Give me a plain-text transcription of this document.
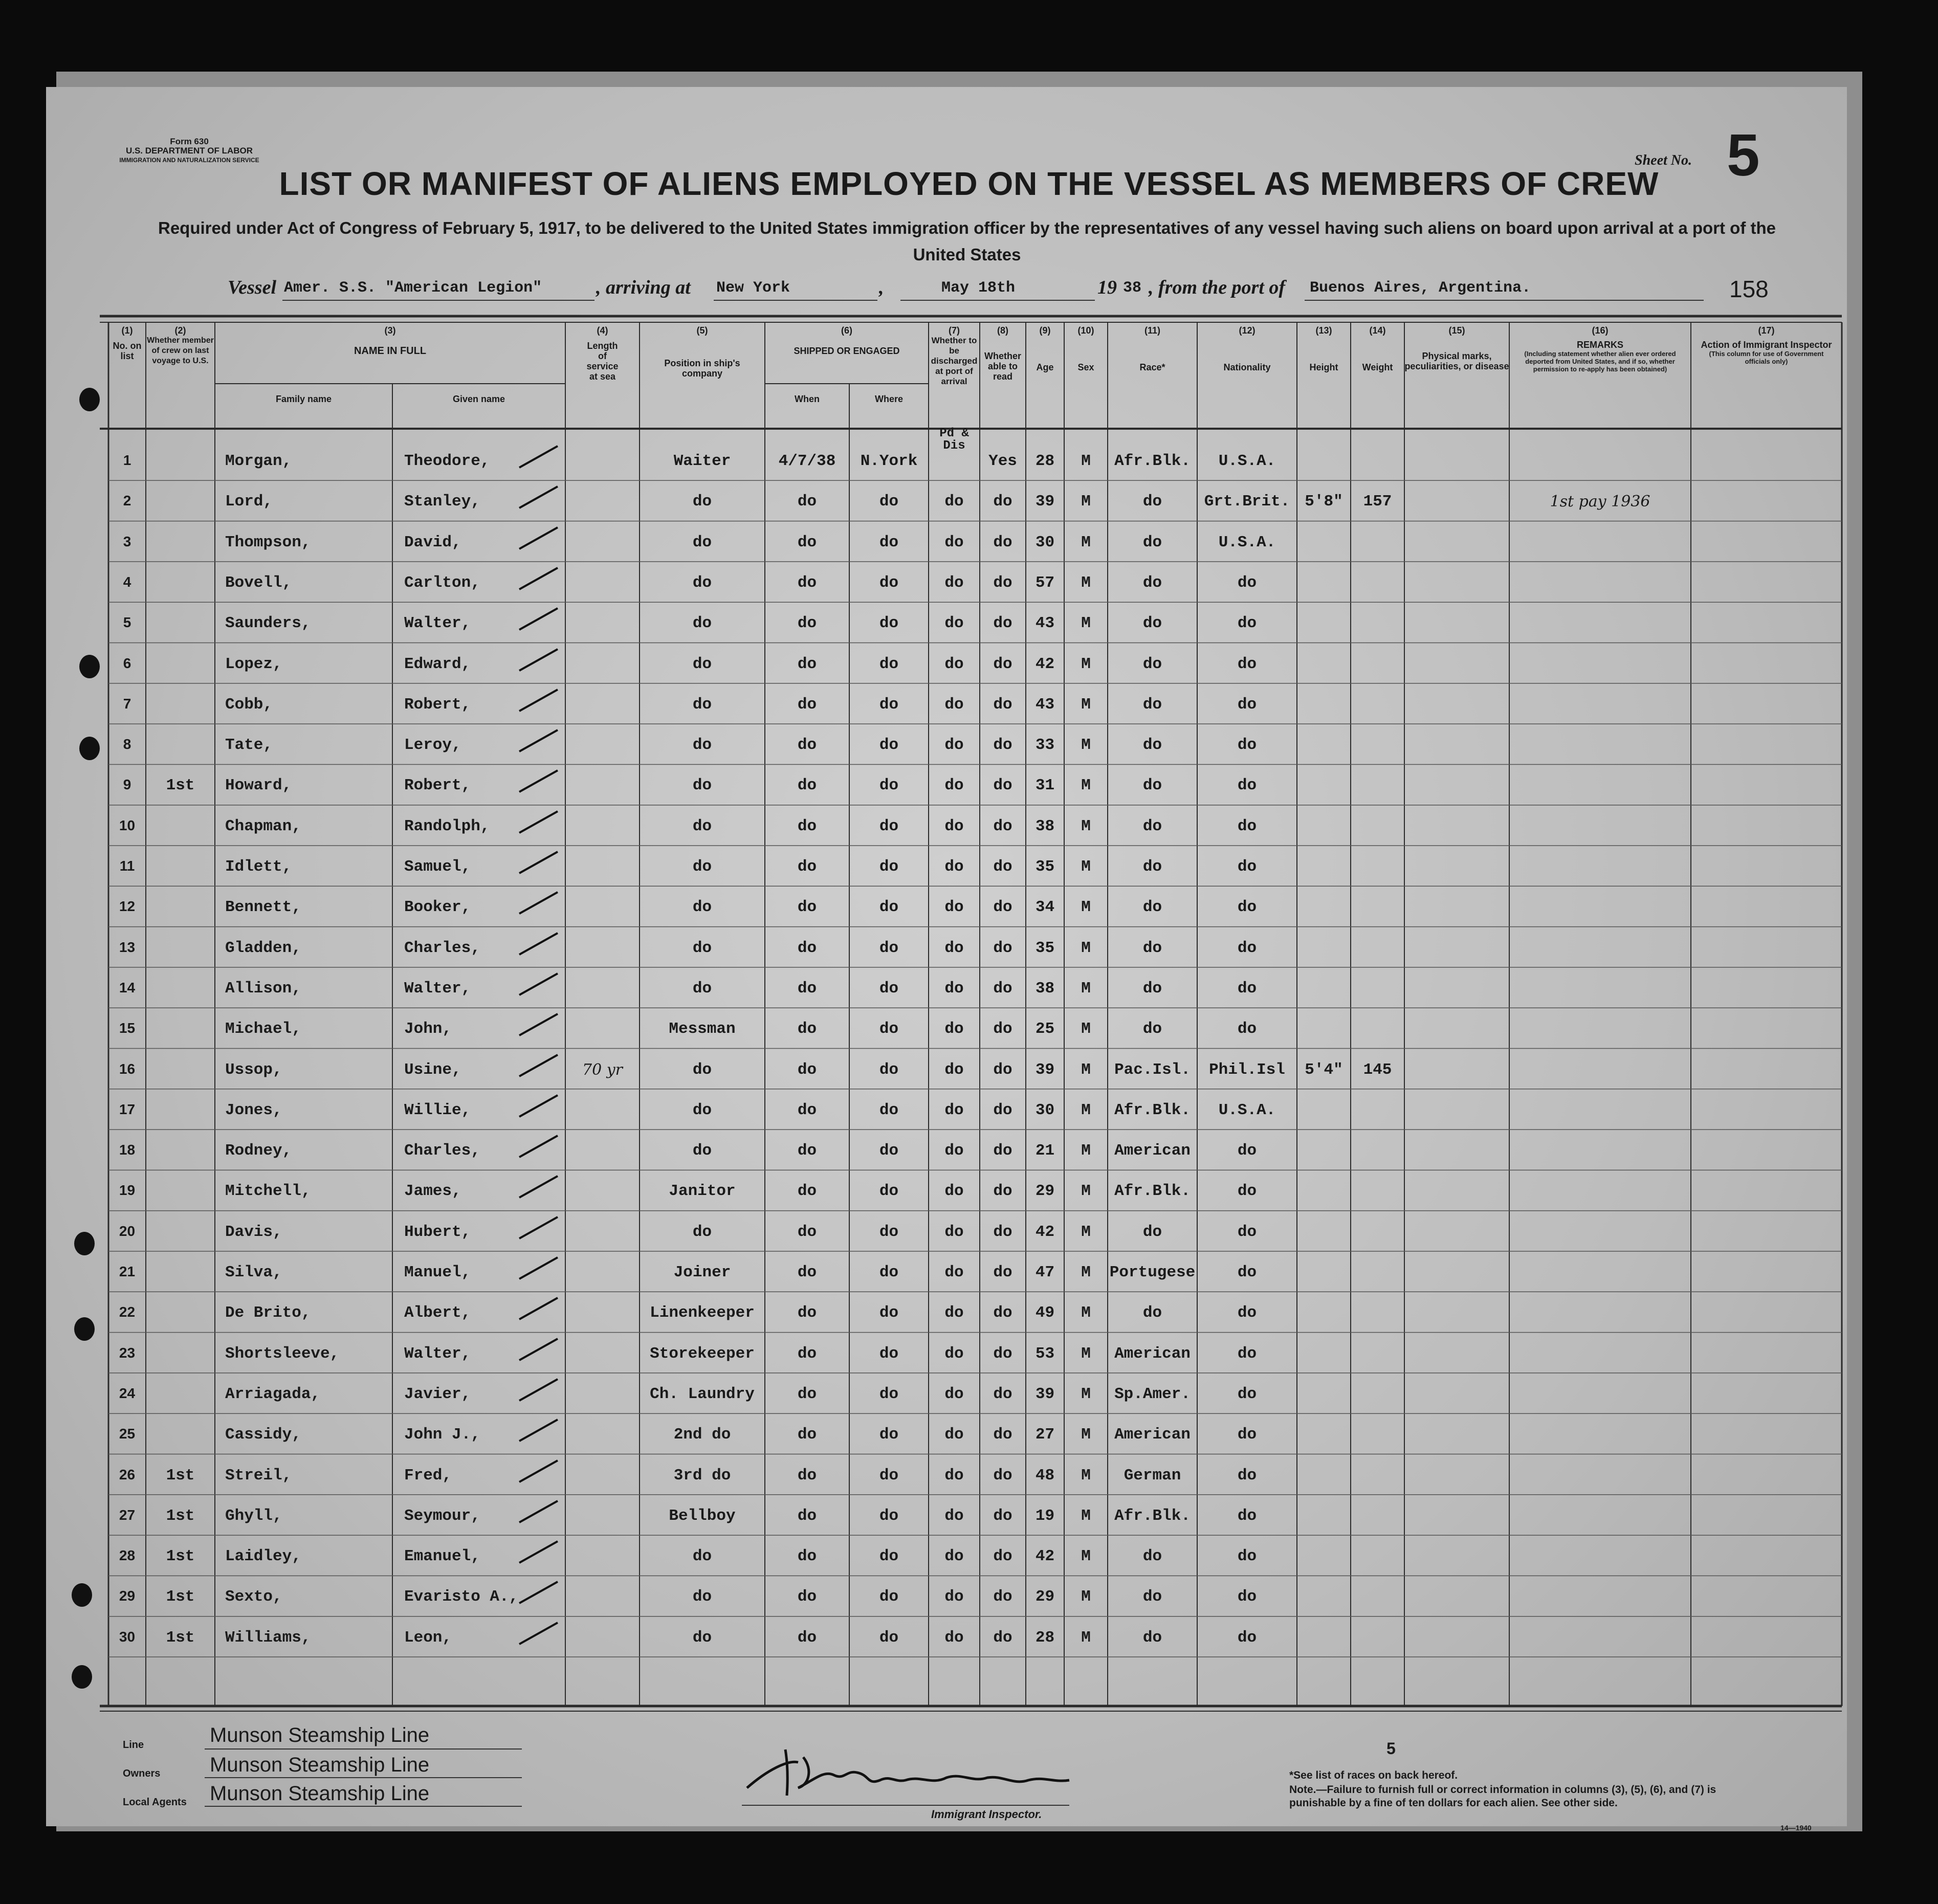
Form 630
U.S. DEPARTMENT OF LABOR
IMMIGRATION AND NATURALIZATION SERVICE	Sheet No. 5
LIST OR MANIFEST OF ALIENS EMPLOYED ON THE VESSEL AS MEMBERS OF CREW
Required under Act of Congress of February 5, 1917, to be delivered to the United States immigration officer by the representatives of any vessel having such aliens on board upon arrival at a port of the United States
Vessel Amer. S.S. "American Legion"	, arriving at New York	,	May 18th	19 38 , from the port of Buenos Aires, Argentina.	158
(1)
No. on list
(2)
Whether member of crew on last voyage to U.S.
(3)
NAME IN FULL
Family name	Given name
(4)
Length of service at sea
(5)
Position in ship's company
(6)
SHIPPED OR ENGAGED
When	Where
(7)
Whether to be discharged at port of arrival
(8)
Whether able to read
(9)
Age
(10)
Sex
(11)
Race*
(12)
Nationality
(13)
Height
(14)
Weight
(15)
Physical marks, peculiarities, or disease
(16)
REMARKS
(Including statement whether alien ever ordered deported from United States, and if so, whether permission to re-apply has been obtained)
(17)
Action of Immigrant Inspector
(This column for use of Government officials only)
1	Morgan,	Theodore,	Waiter	4/7/38	N.York
Pd & Dis
Yes	28	M	Afr.Blk.	U.S.A.
2	Lord,	Stanley,	do	do	do	do	do	39	M	do	Grt.Brit. 5'8"	157	1st pay 1936
3	Thompson,	David,	do	do	do	do	do	30	M	do	U.S.A.
4	Bovell,	Carlton,	do	do	do	do	do	57	M	do	do
5	Saunders,	Walter,	do	do	do	do	do	43	M	do	do
6	Lopez,	Edward,	do	do	do	do	do	42	M	do	do
7	Cobb,	Robert,	do	do	do	do	do	43	M	do	do
8	Tate,	Leroy,	do	do	do	do	do	33	M	do	do
9	1st	Howard,	Robert,	do	do	do	do	do	31	M	do	do
10	Chapman,	Randolph,	do	do	do	do	do	38	M	do	do
11	Idlett,	Samuel,	do	do	do	do	do	35	M	do	do
12	Bennett,	Booker,	do	do	do	do	do	34	M	do	do
13	Gladden,	Charles,	do	do	do	do	do	35	M	do	do
14	Allison,	Walter,	do	do	do	do	do	38	M	do	do
15	Michael,	John,	Messman	do	do	do	do	25	M	do	do
16	Ussop,	Usine,	70 yr	do	do	do	do	do	39	M	Pac.Isl.	Phil.Isl	5'4"	145
17	Jones,	Willie,	do	do	do	do	do	30	M	Afr.Blk.	U.S.A.
18	Rodney,	Charles,	do	do	do	do	do	21	M	American	do
19	Mitchell,	James,	Janitor	do	do	do	do	29	M	Afr.Blk.	do
20	Davis,	Hubert,	do	do	do	do	do	42	M	do	do
21	Silva,	Manuel,	Joiner	do	do	do	do	47	M	Portugese	do
22	De Brito,	Albert,	Linenkeeper	do	do	do	do	49	M	do	do
23	Shortsleeve,	Walter,	Storekeeper	do	do	do	do	53	M	American	do
24	Arriagada,	Javier,	Ch. Laundry	do	do	do	do	39	M	Sp.Amer.	do
25	Cassidy,	John J.,	2nd do	do	do	do	do	27	M	American	do
26	1st	Streil,	Fred,	3rd do	do	do	do	do	48	M	German	do
27	1st	Ghyll,	Seymour,	Bellboy	do	do	do	do	19	M	Afr.Blk.	do
28	1st	Laidley,	Emanuel,	do	do	do	do	do	42	M	do	do
29	1st	Sexto,	Evaristo A.,	do	do	do	do	do	29	M	do	do
30	1st	Williams,	Leon,	do	do	do	do	do	28	M	do	do
Line	Munson Steamship Line
Owners Munson Steamship Line
Local Agents Munson Steamship Line
Immigrant Inspector.
5
*See list of races on back hereof.
Note.—Failure to furnish full or correct information in columns (3), (5), (6), and (7) is punishable by a fine of ten dollars for each alien. See other side.
14—1940
